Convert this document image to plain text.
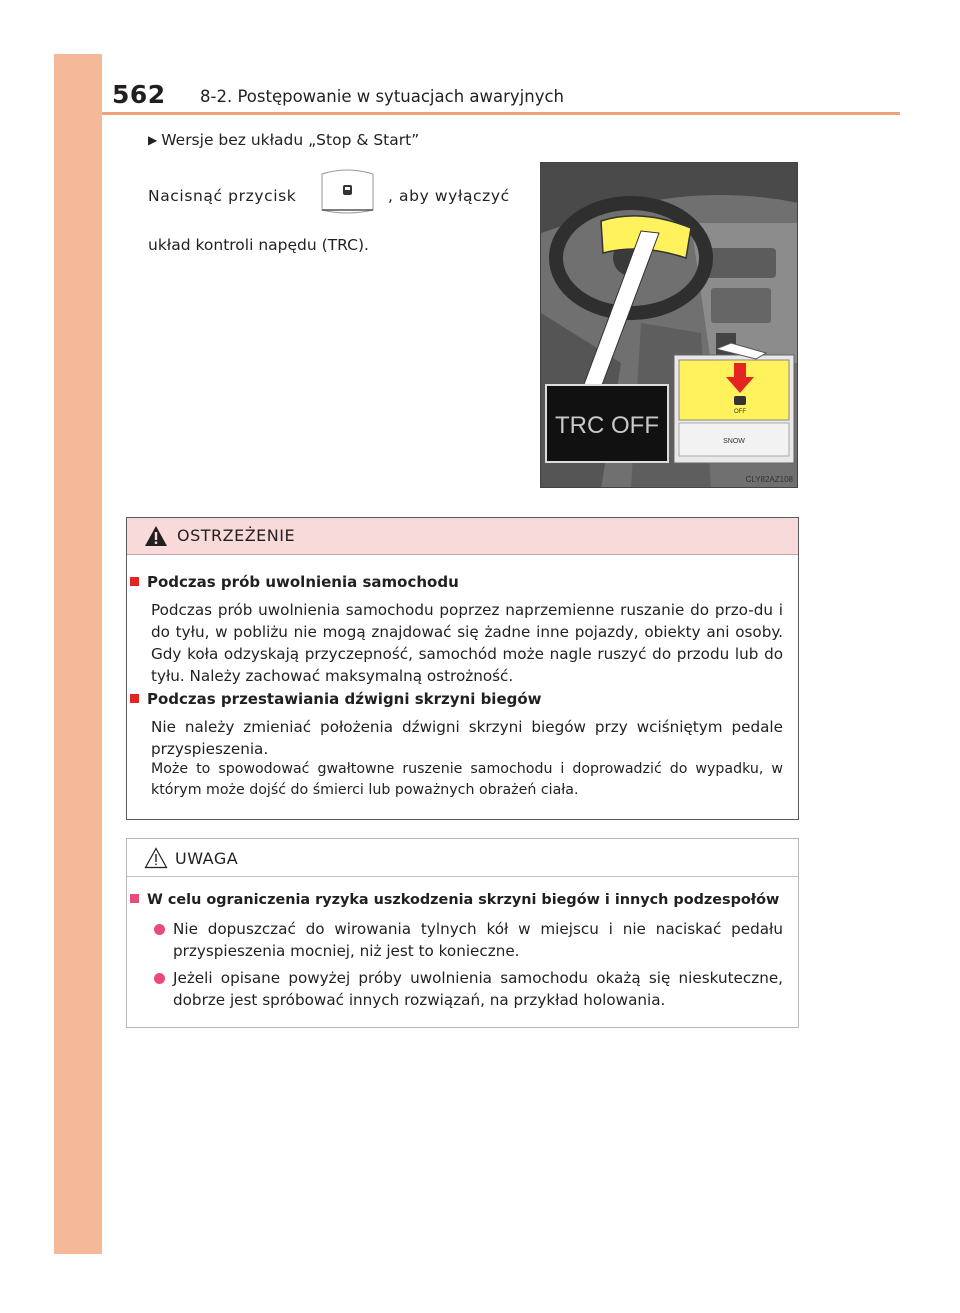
562 8-2. Postępowanie w sytuacjach awaryjnych
▶ Wersje bez układu „Stop & Start”
Nacisnąć przycisk	, aby wyłączyć
układ kontroli napędu (TRC).
TRC OFF	OFF
SNOW
CLY82AZ108
OSTRZEŻENIE
Podczas prób uwolnienia samochodu
Podczas prób uwolnienia samochodu poprzez naprzemienne ruszanie do przo-du i do tyłu, w pobliżu nie mogą znajdować się żadne inne pojazdy, obiekty ani osoby. Gdy koła odzyskają przyczepność, samochód może nagle ruszyć do przodu lub do tyłu. Należy zachować maksymalną ostrożność.
Podczas przestawiania dźwigni skrzyni biegów
Nie należy zmieniać położenia dźwigni skrzyni biegów przy wciśniętym pedale przyspieszenia.
Może to spowodować gwałtowne ruszenie samochodu i doprowadzić do wypadku, w którym może dojść do śmierci lub poważnych obrażeń ciała.
UWAGA
W celu ograniczenia ryzyka uszkodzenia skrzyni biegów i innych podzespołów
Nie dopuszczać do wirowania tylnych kół w miejscu i nie naciskać pedału przyspieszenia mocniej, niż jest to konieczne.
Jeżeli opisane powyżej próby uwolnienia samochodu okażą się nieskuteczne, dobrze jest spróbować innych rozwiązań, na przykład holowania.
